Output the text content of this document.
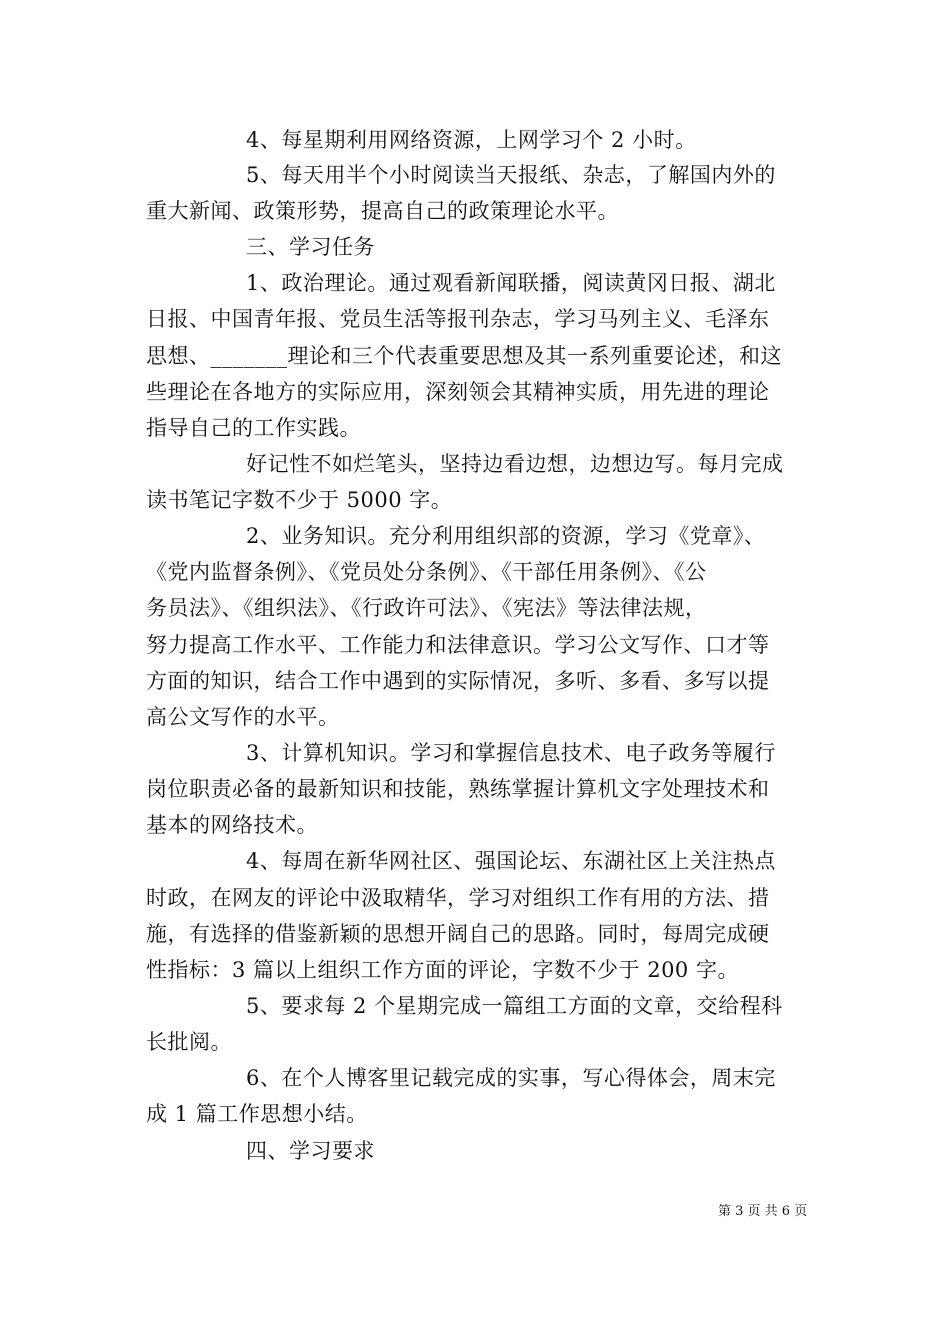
4、每星期利用网络资源，上网学习个 2 小时。
5、每天用半个小时阅读当天报纸、杂志，了解国内外的
重大新闻、政策形势，提高自己的政策理论水平。
三、学习任务
1、政治理论。通过观看新闻联播，阅读黄冈日报、湖北
日报、中国青年报、党员生活等报刊杂志，学习马列主义、毛泽东
思想、_______理论和三个代表重要思想及其一系列重要论述，和这
些理论在各地方的实际应用，深刻领会其精神实质，用先进的理论
指导自己的工作实践。
好记性不如烂笔头，坚持边看边想，边想边写。每月完成
读书笔记字数不少于 5000 字。
2、业务知识。充分利用组织部的资源，学习《党章》、
《党内监督条例》、《党员处分条例》、《干部任用条例》、《公
务员法》、《组织法》、《行政许可法》、《宪法》等法律法规，
努力提高工作水平、工作能力和法律意识。学习公文写作、口才等
方面的知识，结合工作中遇到的实际情况，多听、多看、多写以提
高公文写作的水平。
3、计算机知识。学习和掌握信息技术、电子政务等履行
岗位职责必备的最新知识和技能，熟练掌握计算机文字处理技术和
基本的网络技术。
4、每周在新华网社区、强国论坛、东湖社区上关注热点
时政，在网友的评论中汲取精华，学习对组织工作有用的方法、措
施，有选择的借鉴新颖的思想开阔自己的思路。同时，每周完成硬
性指标：3 篇以上组织工作方面的评论，字数不少于 200 字。
5、要求每 2 个星期完成一篇组工方面的文章，交给程科
长批阅。
6、在个人博客里记载完成的实事，写心得体会，周末完
成 1 篇工作思想小结。
四、学习要求
第 3 页 共 6 页
